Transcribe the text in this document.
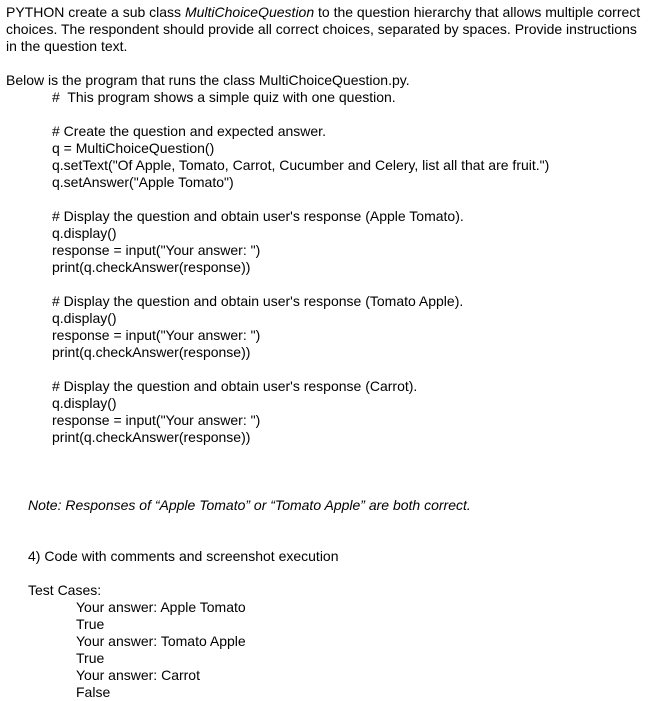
PYTHON create a sub class MultiChoiceQuestion to the question hierarchy that allows multiple correct choices. The respondent should provide all correct choices, separated by spaces. Provide instructions in the question text.

Below is the program that runs the class MultiChoiceQuestion.py.

#  This program shows a simple quiz with one question.

# Create the question and expected answer.

q = MultiChoiceQuestion()

q.setText("Of Apple, Tomato, Carrot, Cucumber and Celery, list all that are fruit.")

q.setAnswer("Apple Tomato")

# Display the question and obtain user's response (Apple Tomato).

q.display()

response = input("Your answer: ")

print(q.checkAnswer(response))

# Display the question and obtain user's response (Tomato Apple).

q.display()

response = input("Your answer: ")

print(q.checkAnswer(response))

# Display the question and obtain user's response (Carrot).

q.display()

response = input("Your answer: ")

print(q.checkAnswer(response))

Note: Responses of “Apple Tomato” or “Tomato Apple” are both correct.

4) Code with comments and screenshot execution

Test Cases:

Your answer: Apple Tomato

True

Your answer: Tomato Apple

True

Your answer: Carrot

False
